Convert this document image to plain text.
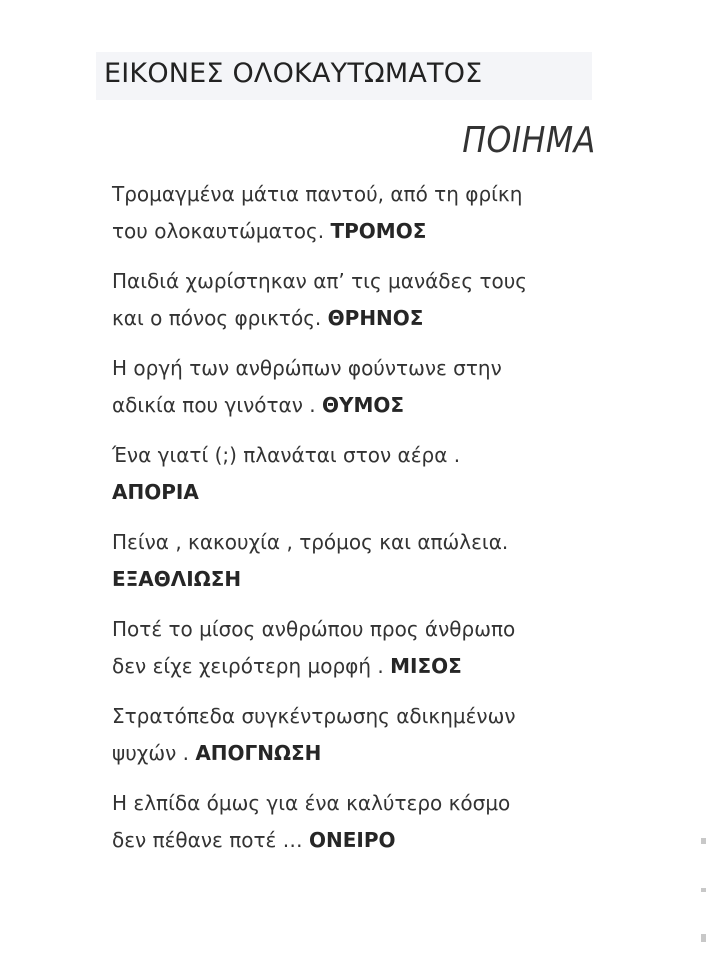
ΕΙΚΟΝΕΣ ΟΛΟΚΑΥΤΩΜΑΤΟΣ
ΠΟΙΗΜΑ
Τρομαγμένα μάτια παντού, από τη φρίκη
του ολοκαυτώματος. ΤΡΟΜΟΣ
Παιδιά χωρίστηκαν απ’ τις μανάδες τους
και ο πόνος φρικτός. ΘΡΗΝΟΣ
Η οργή των ανθρώπων φούντωνε στην
αδικία που γινόταν . ΘΥΜΟΣ
Ένα γιατί (;) πλανάται στον αέρα .
ΑΠΟΡΙΑ
Πείνα , κακουχία , τρόμος και απώλεια.
ΕΞΑΘΛΙΩΣΗ
Ποτέ το μίσος ανθρώπου προς άνθρωπο
δεν είχε χειρότερη μορφή . ΜΙΣΟΣ
Στρατόπεδα συγκέντρωσης αδικημένων
ψυχών . ΑΠΟΓΝΩΣΗ
Η ελπίδα όμως για ένα καλύτερο κόσμο
δεν πέθανε ποτέ … ΟΝΕΙΡΟ
